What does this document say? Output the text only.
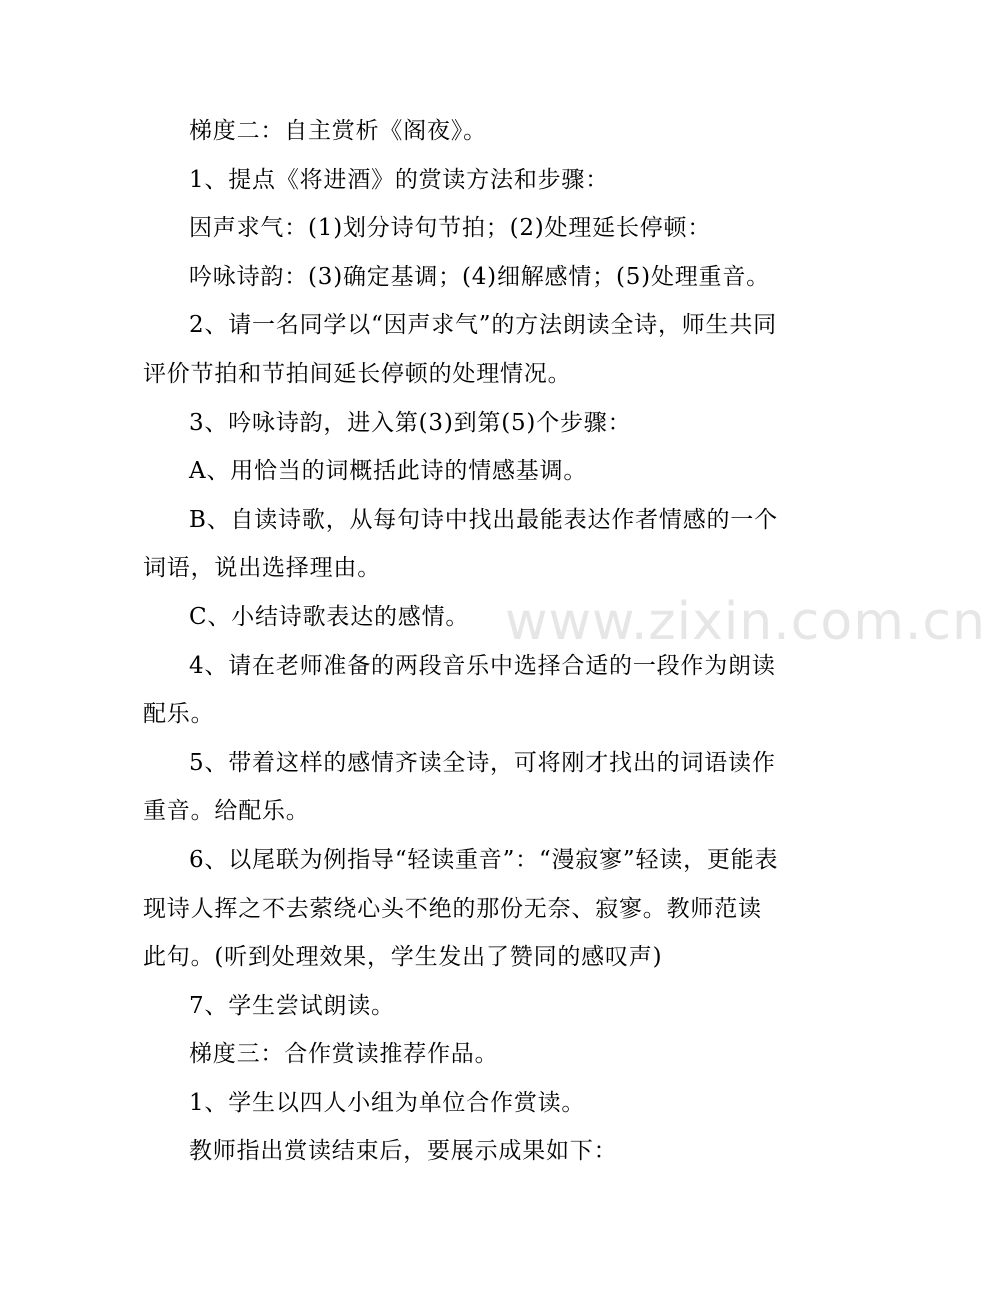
www.zixin.com.cn

梯度二：自主赏析《阁夜》。

1、提点《将进酒》的赏读方法和步骤：

因声求气：(1)划分诗句节拍；(2)处理延长停顿：

吟咏诗韵：(3)确定基调；(4)细解感情；(5)处理重音。

2、请一名同学以“因声求气”的方法朗读全诗，师生共同评价节拍和节拍间延长停顿的处理情况。

3、吟咏诗韵，进入第(3)到第(5)个步骤：

A、用恰当的词概括此诗的情感基调。

B、自读诗歌，从每句诗中找出最能表达作者情感的一个词语，说出选择理由。

C、小结诗歌表达的感情。

4、请在老师准备的两段音乐中选择合适的一段作为朗读配乐。

5、带着这样的感情齐读全诗，可将刚才找出的词语读作重音。给配乐。

6、以尾联为例指导“轻读重音”：“漫寂寥”轻读，更能表现诗人挥之不去萦绕心头不绝的那份无奈、寂寥。教师范读此句。(听到处理效果，学生发出了赞同的感叹声)

7、学生尝试朗读。

梯度三：合作赏读推荐作品。

1、学生以四人小组为单位合作赏读。

教师指出赏读结束后，要展示成果如下：
